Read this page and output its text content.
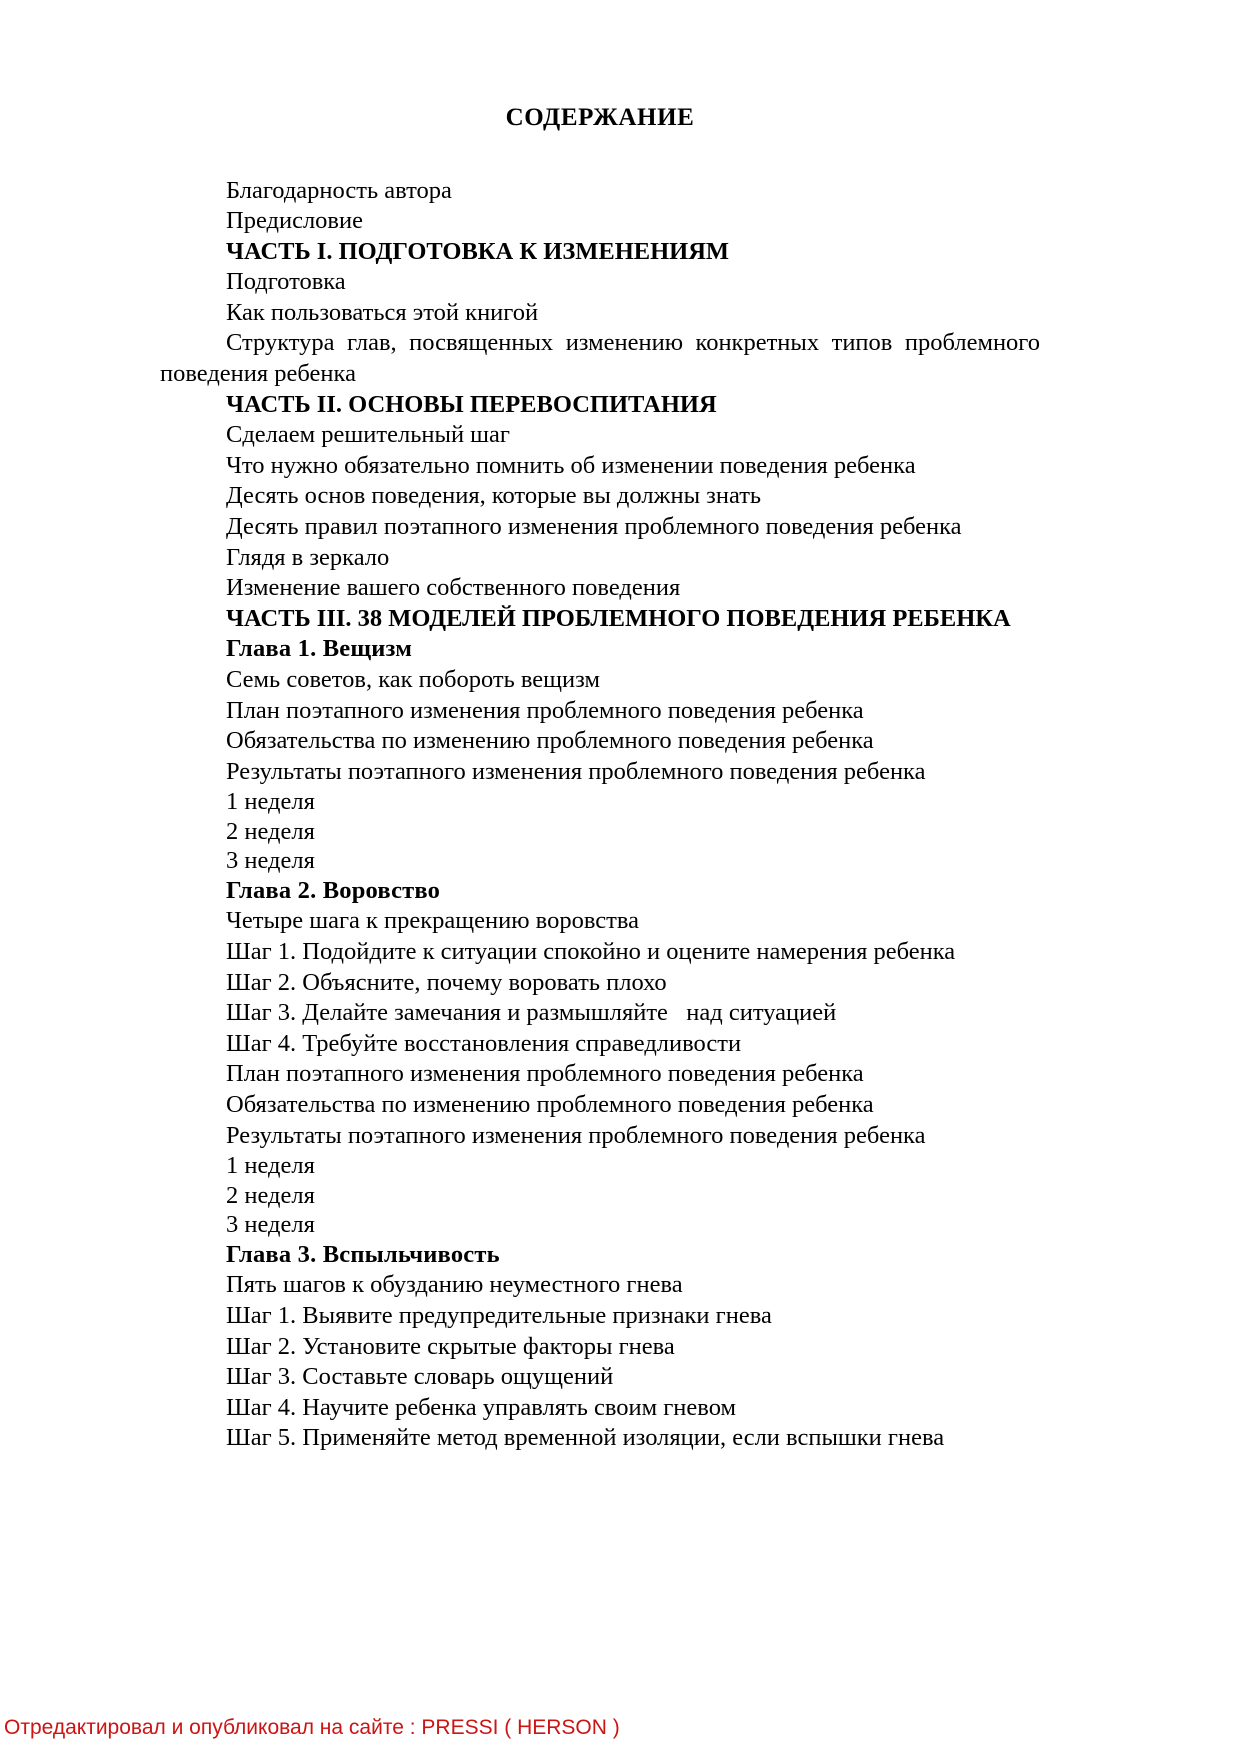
СОДЕРЖАНИЕ

Благодарность автора

Предисловие

ЧАСТЬ I. ПОДГОТОВКА К ИЗМЕНЕНИЯМ

Подготовка

Как пользоваться этой книгой

Структура глав, посвященных изменению конкретных типов проблемного поведения ребенка

ЧАСТЬ II. ОСНОВЫ ПЕРЕВОСПИТАНИЯ

Сделаем решительный шаг

Что нужно обязательно помнить об изменении поведения ребенка

Десять основ поведения, которые вы должны знать

Десять правил поэтапного изменения проблемного поведения ребенка

Глядя в зеркало

Изменение вашего собственного поведения

ЧАСТЬ III. 38 МОДЕЛЕЙ ПРОБЛЕМНОГО ПОВЕДЕНИЯ РЕБЕНКА

Глава 1. Вещизм

Семь советов, как побороть вещизм

План поэтапного изменения проблемного поведения ребенка

Обязательства по изменению проблемного поведения ребенка

Результаты поэтапного изменения проблемного поведения ребенка

1 неделя

2 неделя

3 неделя

Глава 2. Воровство

Четыре шага к прекращению воровства

Шаг 1. Подойдите к ситуации спокойно и оцените намерения ребенка

Шаг 2. Объясните, почему воровать плохо

Шаг 3. Делайте замечания и размышляйте   над ситуацией

Шаг 4. Требуйте восстановления справедливости

План поэтапного изменения проблемного поведения ребенка

Обязательства по изменению проблемного поведения ребенка

Результаты поэтапного изменения проблемного поведения ребенка

1 неделя

2 неделя

3 неделя

Глава 3. Вспыльчивость

Пять шагов к обузданию неуместного гнева

Шаг 1. Выявите предупредительные признаки гнева

Шаг 2. Установите скрытые факторы гнева

Шаг 3. Составьте словарь ощущений

Шаг 4. Научите ребенка управлять своим гневом

Шаг 5. Применяйте метод временной изоляции, если вспышки гнева

Отредактировал и опубликовал на сайте : PRESSI ( HERSON )
